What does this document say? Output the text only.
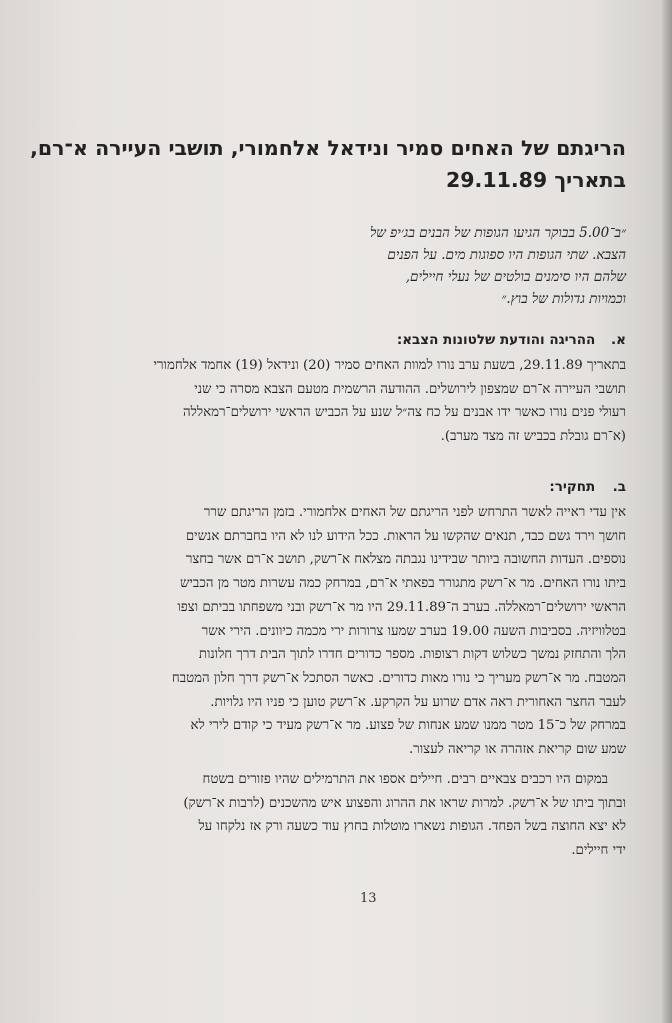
הריגתם של האחים סמיר ונידאל אלחמורי, תושבי העיירה א־רם,
בתאריך 29.11.89
״ב־5.00 בבוקר הגיעו הגופות של הבנים בג׳יפ של
הצבא. שתי הגופות היו ספוגות מים. על הפנים
שלהם היו סימנים בולטים של נעלי חיילים,
וכמויות גדולות של בוץ.״
א. ההריגה והודעת שלטונות הצבא:
בתאריך 29.11.89, בשעת ערב נורו למוות האחים סמיר (20) ונידאל (19) אחמד אלחמורי
תושבי העיירה א־רם שמצפון לירושלים. ההודעה הרשמית מטעם הצבא מסרה כי שני
רעולי פנים נורו כאשר ידו אבנים על כח צה״ל שנע על הכביש הראשי ירושלים־רמאללה
(א־רם גובלת בכביש זה מצד מערב).
ב. תחקיר:
אין עדי ראייה לאשר התרחש לפני הריגתם של האחים אלחמורי. בזמן הריגתם שרר
חושך וירד גשם כבד, תנאים שהקשו על הראות. ככל הידוע לנו לא היו בחברתם אנשים
נוספים. העדות החשובה ביותר שבידינו נגבתה מצלאח א־רשק, תושב א־רם אשר בחצר
ביתו נורו האחים. מר א־רשק מתגורר בפאתי א־רם, במרחק כמה עשרות מטר מן הכביש
הראשי ירושלים־רמאללה. בערב ה־29.11.89 היו מר א־רשק ובני משפחתו בביתם וצפו
בטלוויזיה. בסביבות השעה 19.00 בערב שמעו צרורות ירי מכמה כיוונים. הירי אשר
הלך והתחזק נמשך כשלוש דקות רצופות. מספר כדורים חדרו לתוך הבית דרך חלונות
המטבח. מר א־רשק מעריך כי נורו מאות כדורים. כאשר הסתכל א־רשק דרך חלון המטבח
לעבר החצר האחורית ראה אדם שרוע על הקרקע. א־רשק טוען כי פניו היו גלויות.
במרחק של כ־15 מטר ממנו שמע אנחות של פצוע. מר א־רשק מעיד כי קודם לירי לא
שמע שום קריאת אזהרה או קריאה לעצור.
במקום היו רכבים צבאיים רבים. חיילים אספו את התרמילים שהיו פזורים בשטח
ובתוך ביתו של א־רשק. למרות שראו את ההרוג והפצוע איש מהשכנים (לרבות א־רשק)
לא יצא החוצה בשל הפחד. הגופות נשארו מוטלות בחוץ עוד כשעה ורק אז נלקחו על
ידי חיילים.
13
